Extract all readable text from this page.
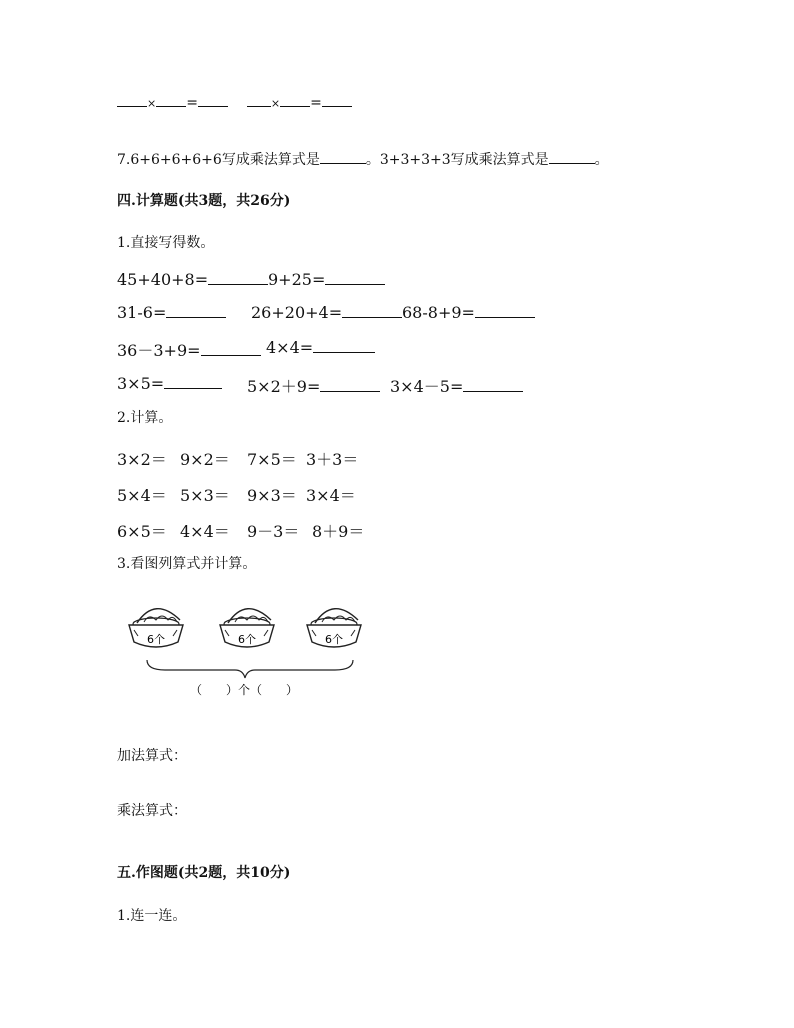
× =	× =
7.6+6+6+6+6写成乘法算式是	。3+3+3+3写成乘法算式是	。
四.计算题(共3题，共26分)
1.直接写得数。
45+40+8=	9+25=
31-6=	26+20+4=	68-8+9=
36－3+9=	4×4=
3×5=	5×2＋9=	3×4－5=
2.计算。
3×2＝ 9×2＝ 7×5＝ 3＋3＝
5×4＝ 5×3＝ 9×3＝ 3×4＝
6×5＝ 4×4＝ 9－3＝ 8＋9＝
3.看图列算式并计算。
6个	6个	6个
（　　）个（　　）
加法算式：
乘法算式：
五.作图题(共2题，共10分)
1.连一连。
